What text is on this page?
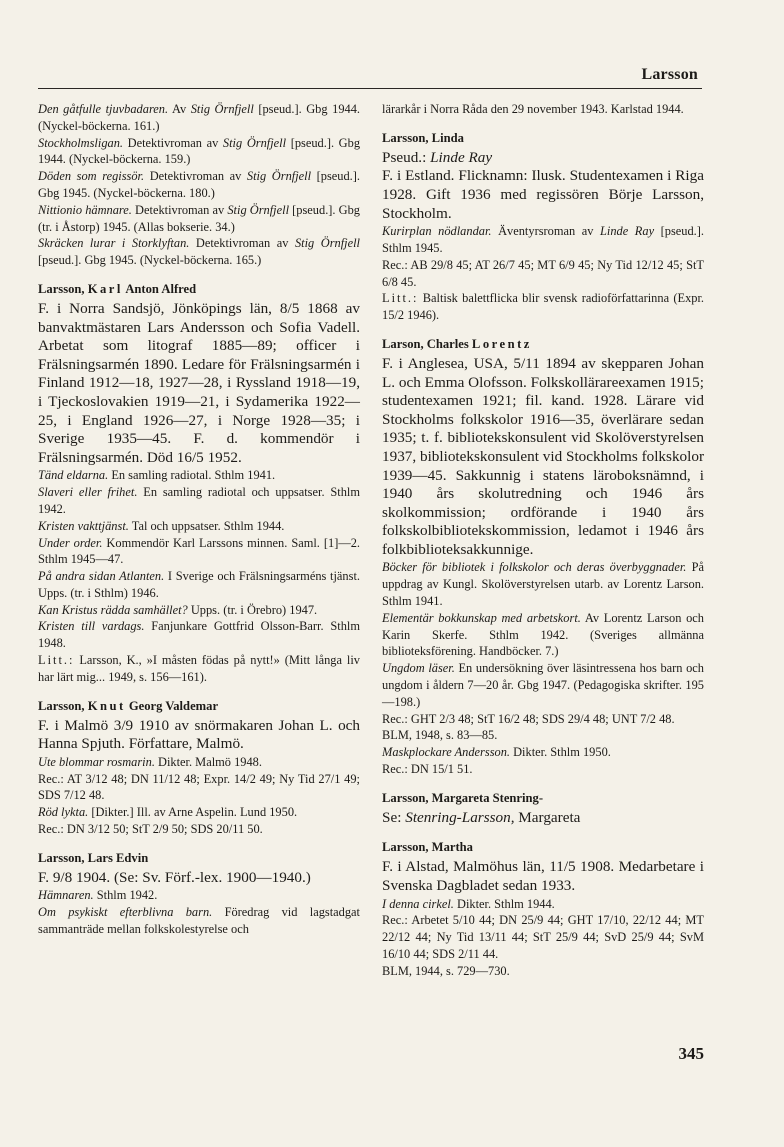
Larsson
Den gåtfulle tjuvbadaren. Av Stig Örnfjell [pseud.]. Gbg 1944. (Nyckel-böckerna. 161.)
Stockholmsligan. Detektivroman av Stig Örnfjell [pseud.]. Gbg 1944. (Nyckel-böckerna. 159.)
Döden som regissör. Detektivroman av Stig Örnfjell [pseud.]. Gbg 1945. (Nyckel-böckerna. 180.)
Nittionio hämnare. Detektivroman av Stig Örnfjell [pseud.]. Gbg (tr. i Åstorp) 1945. (Allas bokserie. 34.)
Skräcken lurar i Storklyftan. Detektivroman av Stig Örnfjell [pseud.]. Gbg 1945. (Nyckel-böckerna. 165.)
Larsson, Karl Anton Alfred
F. i Norra Sandsjö, Jönköpings län, 8/5 1868 av banvaktmästaren Lars Andersson och Sofia Vadell. Arbetat som litograf 1885—89; officer i Frälsningsarmén 1890. Ledare för Frälsningsarmén i Finland 1912—18, 1927—28, i Ryssland 1918—19, i Tjeckoslovakien 1919—21, i Sydamerika 1922—25, i England 1926—27, i Norge 1928—35; i Sverige 1935—45. F. d. kommendör i Frälsningsarmén. Död 16/5 1952.
Tänd eldarna. En samling radiotal. Sthlm 1941.
Slaveri eller frihet. En samling radiotal och uppsatser. Sthlm 1942.
Kristen vakttjänst. Tal och uppsatser. Sthlm 1944.
Under order. Kommendör Karl Larssons minnen. Saml. [1]—2. Sthlm 1945—47.
På andra sidan Atlanten. I Sverige och Frälsningsarméns tjänst. Upps. (tr. i Sthlm) 1946.
Kan Kristus rädda samhället? Upps. (tr. i Örebro) 1947.
Kristen till vardags. Fanjunkare Gottfrid Olsson-Barr. Sthlm 1948.
Litt.: Larsson, K., »I måsten födas på nytt!» (Mitt långa liv har lärt mig... 1949, s. 156—161).
Larsson, Knut Georg Valdemar
F. i Malmö 3/9 1910 av snörmakaren Johan L. och Hanna Spjuth. Författare, Malmö.
Ute blommar rosmarin. Dikter. Malmö 1948.
Rec.: AT 3/12 48; DN 11/12 48; Expr. 14/2 49; Ny Tid 27/1 49; SDS 7/12 48.
Röd lykta. [Dikter.] Ill. av Arne Aspelin. Lund 1950.
Rec.: DN 3/12 50; StT 2/9 50; SDS 20/11 50.
Larsson, Lars Edvin
F. 9/8 1904. (Se: Sv. Förf.-lex. 1900—1940.)
Hämnaren. Sthlm 1942.
Om psykiskt efterblivna barn. Föredrag vid lagstadgat sammanträde mellan folkskolestyrelse och
lärarkår i Norra Råda den 29 november 1943. Karlstad 1944.
Larsson, Linda
Pseud.: Linde Ray
F. i Estland. Flicknamn: Ilusk. Studentexamen i Riga 1928. Gift 1936 med regissören Börje Larsson, Stockholm.
Kurirplan nödlandar. Äventyrsroman av Linde Ray [pseud.]. Sthlm 1945.
Rec.: AB 29/8 45; AT 26/7 45; MT 6/9 45; Ny Tid 12/12 45; StT 6/8 45.
Litt.: Baltisk balettflicka blir svensk radioförfattarinna (Expr. 15/2 1946).
Larson, Charles Lorentz
F. i Anglesea, USA, 5/11 1894 av skepparen Johan L. och Emma Olofsson. Folkskollärareexamen 1915; studentexamen 1921; fil. kand. 1928. Lärare vid Stockholms folkskolor 1916—35, överlärare sedan 1935; t. f. bibliotekskonsulent vid Skolöverstyrelsen 1937, bibliotekskonsulent vid Stockholms folkskolor 1939—45. Sakkunnig i statens läroboksnämnd, i 1940 års skolutredning och 1946 års skolkommission; ordförande i 1940 års folkskolbibliotekskommission, ledamot i 1946 års folkbiblioteksakkunnige.
Böcker för bibliotek i folkskolor och deras överbyggnader. På uppdrag av Kungl. Skolöverstyrelsen utarb. av Lorentz Larson. Sthlm 1941.
Elementär bokkunskap med arbetskort. Av Lorentz Larson och Karin Skerfe. Sthlm 1942. (Sveriges allmänna biblioteksförening. Handböcker. 7.)
Ungdom läser. En undersökning över läsintressena hos barn och ungdom i åldern 7—20 år. Gbg 1947. (Pedagogiska skrifter. 195—198.)
Rec.: GHT 2/3 48; StT 16/2 48; SDS 29/4 48; UNT 7/2 48.
BLM, 1948, s. 83—85.
Maskplockare Andersson. Dikter. Sthlm 1950.
Rec.: DN 15/1 51.
Larsson, Margareta Stenring-
Se: Stenring-Larsson, Margareta
Larsson, Martha
F. i Alstad, Malmöhus län, 11/5 1908. Medarbetare i Svenska Dagbladet sedan 1933.
I denna cirkel. Dikter. Sthlm 1944.
Rec.: Arbetet 5/10 44; DN 25/9 44; GHT 17/10, 22/12 44; MT 22/12 44; Ny Tid 13/11 44; StT 25/9 44; SvD 25/9 44; SvM 16/10 44; SDS 2/11 44.
BLM, 1944, s. 729—730.
345
